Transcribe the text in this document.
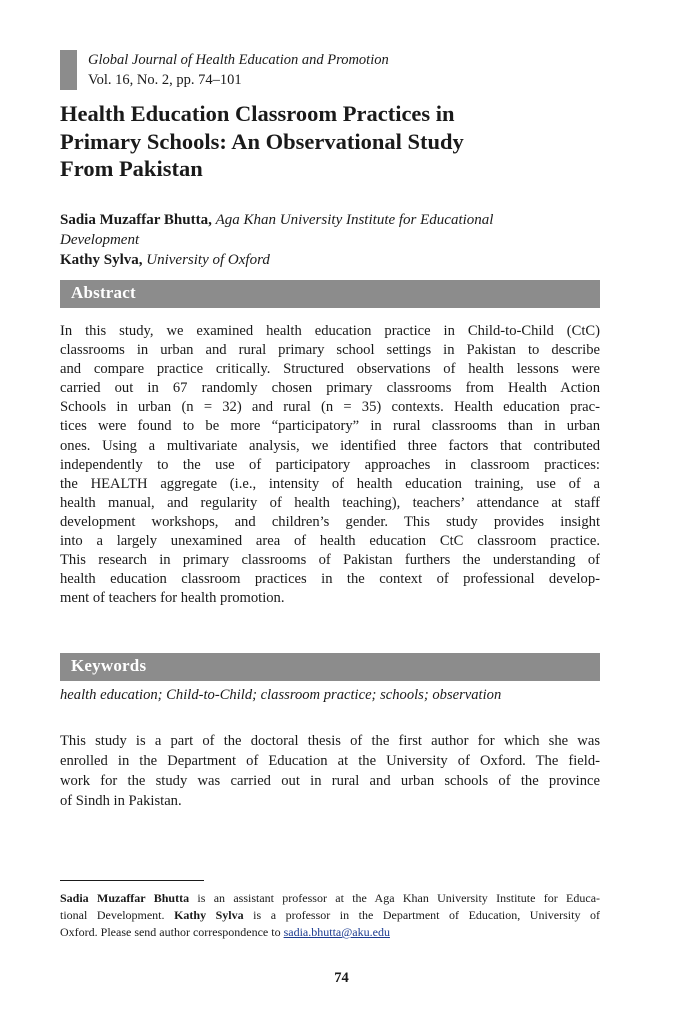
Global Journal of Health Education and Promotion
Vol. 16, No. 2, pp. 74–101
Health Education Classroom Practices in
Primary Schools: An Observational Study
From Pakistan
Sadia Muzaffar Bhutta, Aga Khan University Institute for Educational
Development
Kathy Sylva, University of Oxford
Abstract
In this study, we examined health education practice in Child-to-Child (CtC)
classrooms in urban and rural primary school settings in Pakistan to describe
and compare practice critically. Structured observations of health lessons were
carried out in 67 randomly chosen primary classrooms from Health Action
Schools in urban (n = 32) and rural (n = 35) contexts. Health education prac-
tices were found to be more “participatory” in rural classrooms than in urban
ones. Using a multivariate analysis, we identified three factors that contributed
independently to the use of participatory approaches in classroom practices:
the HEALTH aggregate (i.e., intensity of health education training, use of a
health manual, and regularity of health teaching), teachers’ attendance at staff
development workshops, and children’s gender. This study provides insight
into a largely unexamined area of health education CtC classroom practice.
This research in primary classrooms of Pakistan furthers the understanding of
health education classroom practices in the context of professional develop-
ment of teachers for health promotion.
Keywords
health education; Child-to-Child; classroom practice; schools; observation
This study is a part of the doctoral thesis of the first author for which she was
enrolled in the Department of Education at the University of Oxford. The field-
work for the study was carried out in rural and urban schools of the province
of Sindh in Pakistan.
Sadia Muzaffar Bhutta is an assistant professor at the Aga Khan University Institute for Educa-
tional Development. Kathy Sylva is a professor in the Department of Education, University of
Oxford. Please send author correspondence to sadia.bhutta@aku.edu
74
